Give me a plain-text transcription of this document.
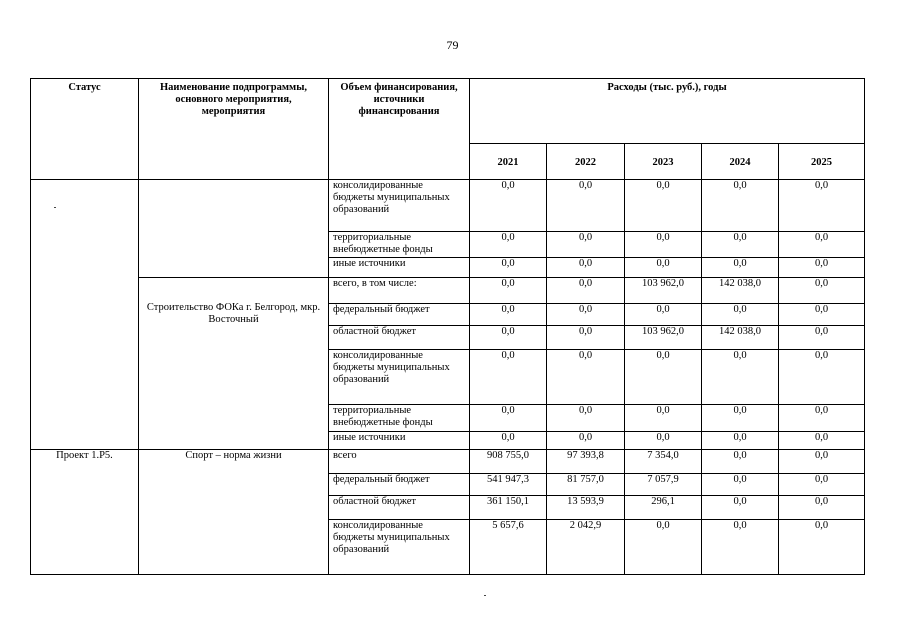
79
Статус	Наименование подпрограммы, основного мероприятия, мероприятия	Объем финансирования, источники финансирования	Расходы (тыс. руб.), годы				
			2021	2022	2023	2024	2025
		консолидированные бюджеты муниципальных образований	0,0	0,0	0,0	0,0	0,0
		территориальные внебюджетные фонды	0,0	0,0	0,0	0,0	0,0
		иные источники	0,0	0,0	0,0	0,0	0,0
	Строительство ФОКа г. Белгород, мкр. Восточный	всего, в том числе:	0,0	0,0	103 962,0	142 038,0	0,0
		федеральный бюджет	0,0	0,0	0,0	0,0	0,0
		областной бюджет	0,0	0,0	103 962,0	142 038,0	0,0
		консолидированные бюджеты муниципальных образований	0,0	0,0	0,0	0,0	0,0
		территориальные внебюджетные фонды	0,0	0,0	0,0	0,0	0,0
		иные источники	0,0	0,0	0,0	0,0	0,0
Проект 1.Р5.	Спорт – норма жизни	всего	908 755,0	97 393,8	7 354,0	0,0	0,0
		федеральный бюджет	541 947,3	81 757,0	7 057,9	0,0	0,0
		областной бюджет	361 150,1	13 593,9	296,1	0,0	0,0
		консолидированные бюджеты муниципальных образований	5 657,6	2 042,9	0,0	0,0	0,0
